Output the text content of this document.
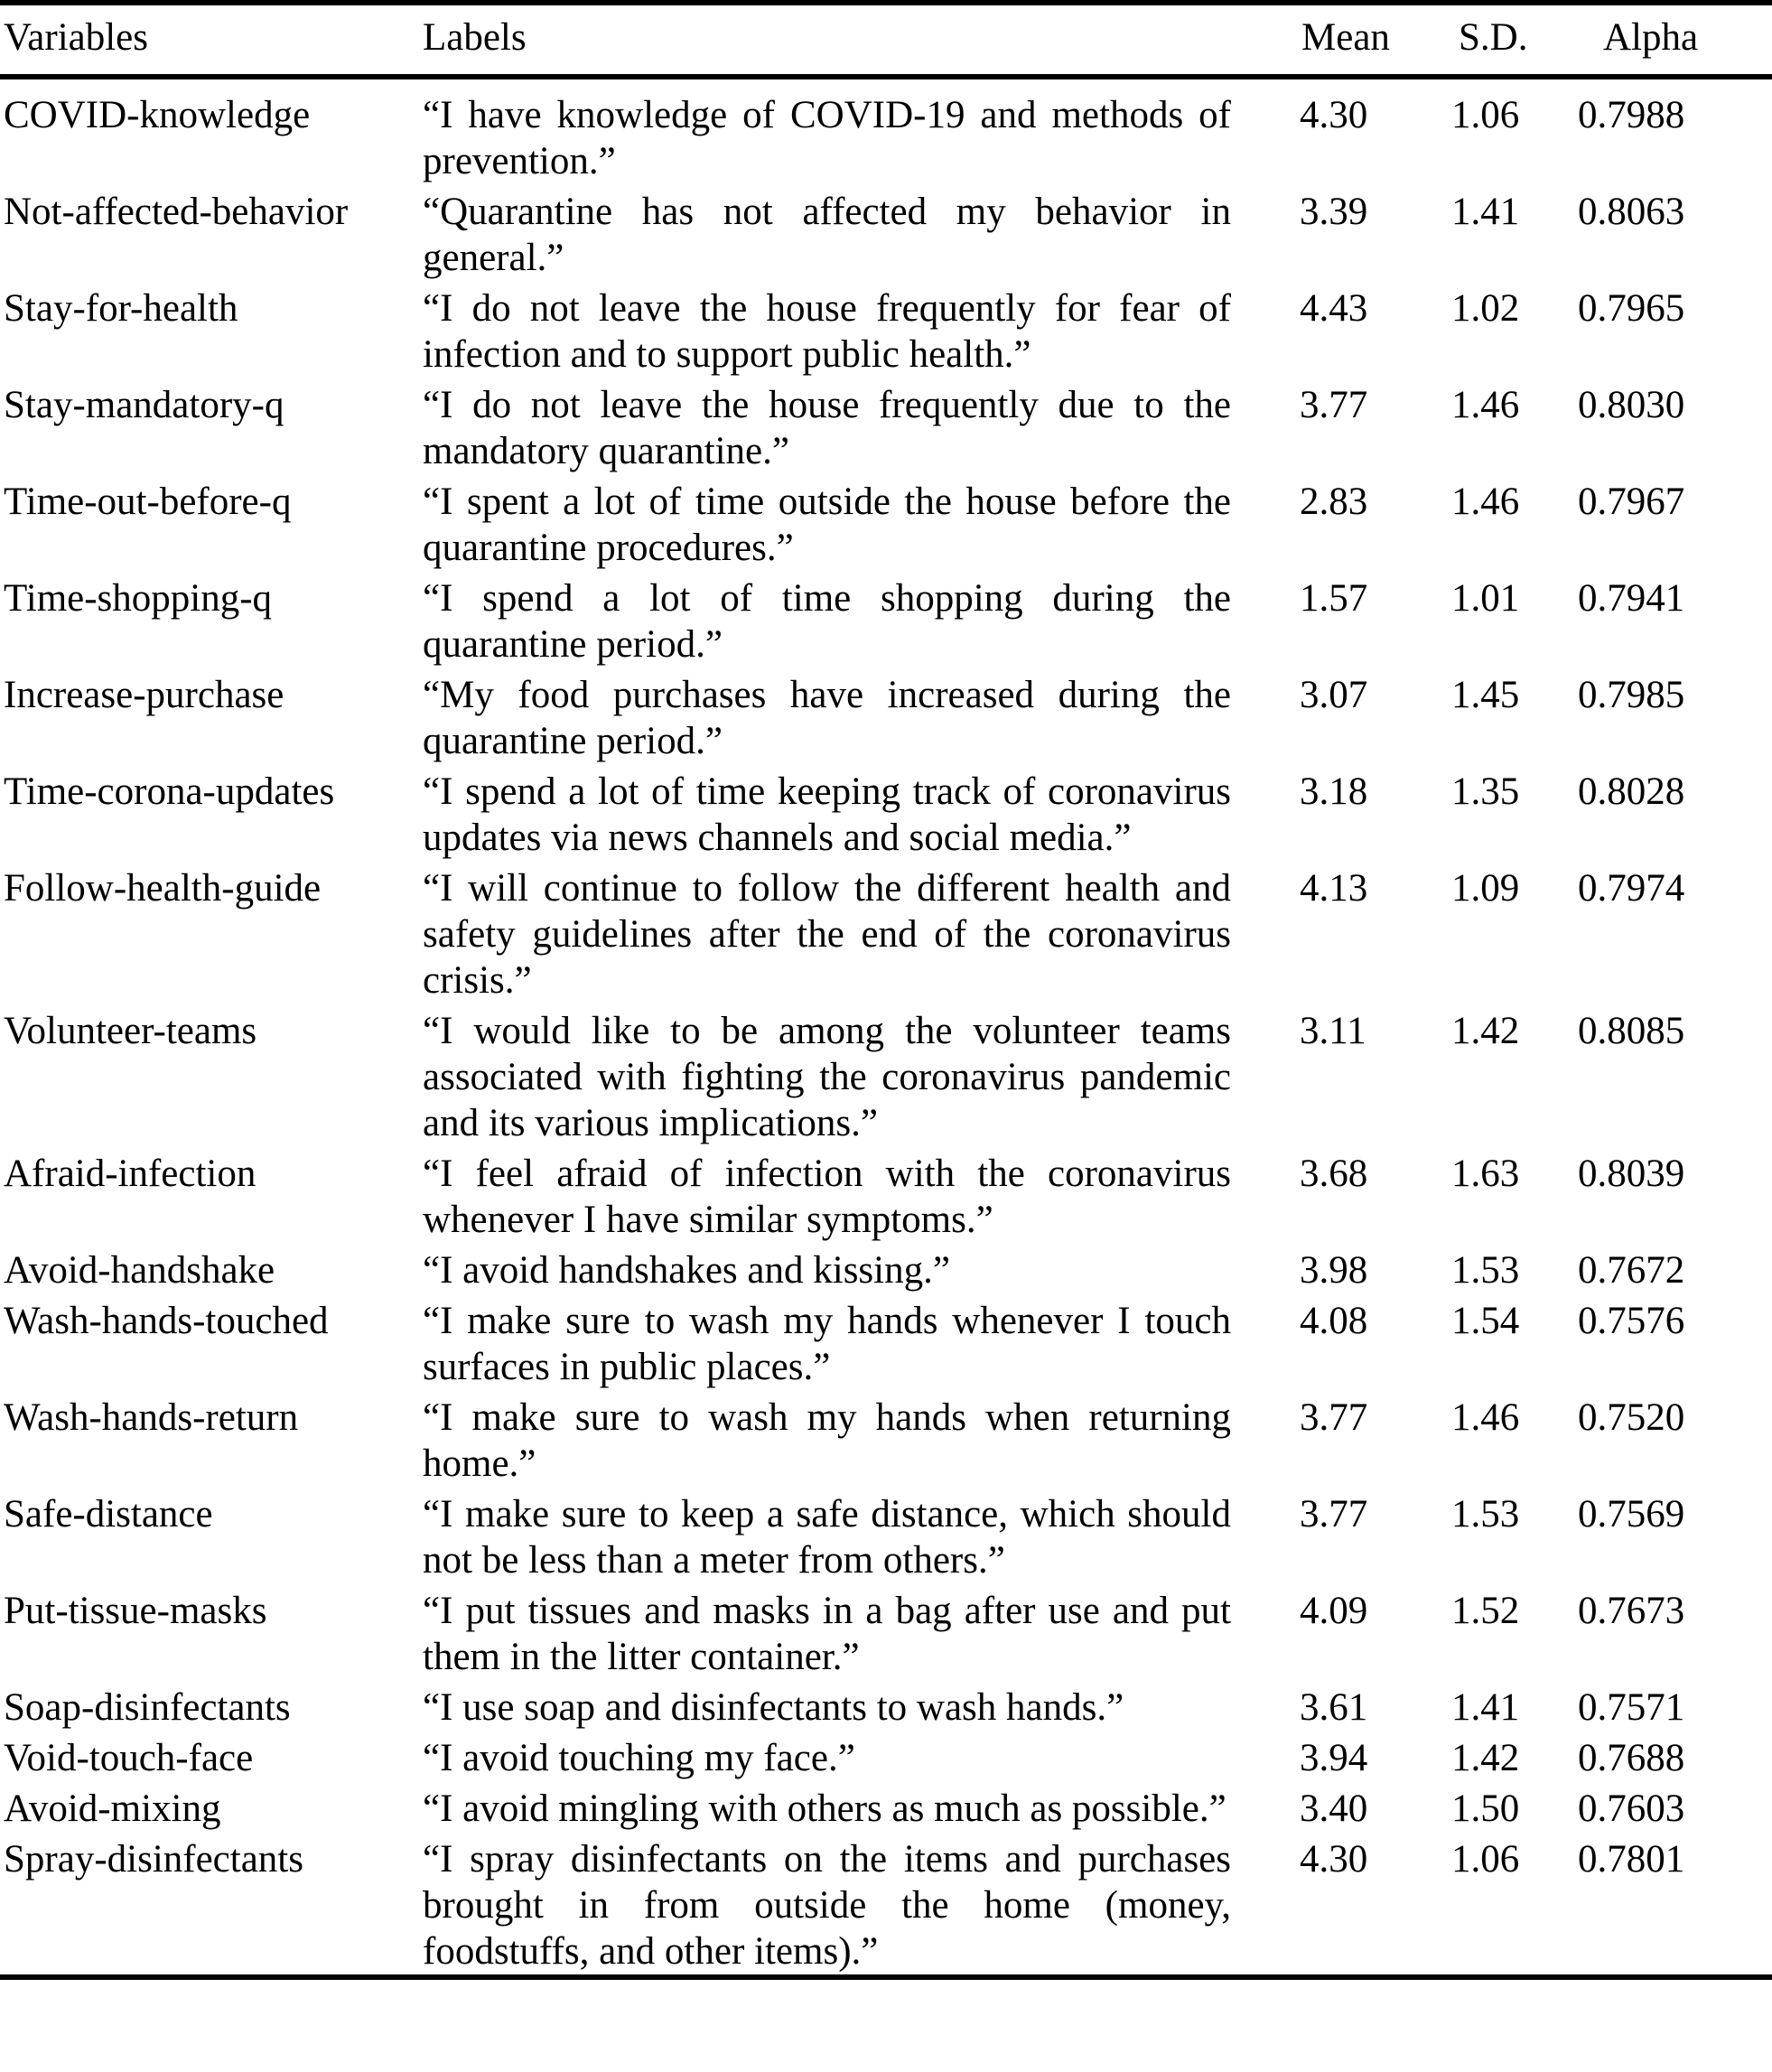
Variables	Labels	Mean	S.D.	Alpha
COVID-knowledge	“I have knowledge of COVID-19 and methods of prevention.”	4.30	1.06	0.7988
Not-affected-behavior	“Quarantine has not affected my behavior in general.”	3.39	1.41	0.8063
Stay-for-health	“I do not leave the house frequently for fear of infection and to support public health.”	4.43	1.02	0.7965
Stay-mandatory-q	“I do not leave the house frequently due to the mandatory quarantine.”	3.77	1.46	0.8030
Time-out-before-q	“I spent a lot of time outside the house before the quarantine procedures.”	2.83	1.46	0.7967
Time-shopping-q	“I spend a lot of time shopping during the quarantine period.”	1.57	1.01	0.7941
Increase-purchase	“My food purchases have increased during the quarantine period.”	3.07	1.45	0.7985
Time-corona-updates	“I spend a lot of time keeping track of coronavirus updates via news channels and social media.”	3.18	1.35	0.8028
Follow-health-guide	“I will continue to follow the different health and safety guidelines after the end of the coronavirus crisis.”	4.13	1.09	0.7974
Volunteer-teams	“I would like to be among the volunteer teams associated with fighting the coronavirus pandemic and its various implications.”	3.11	1.42	0.8085
Afraid-infection	“I feel afraid of infection with the coronavirus whenever I have similar symptoms.”	3.68	1.63	0.8039
Avoid-handshake	“I avoid handshakes and kissing.”	3.98	1.53	0.7672
Wash-hands-touched	“I make sure to wash my hands whenever I touch surfaces in public places.”	4.08	1.54	0.7576
Wash-hands-return	“I make sure to wash my hands when returning home.”	3.77	1.46	0.7520
Safe-distance	“I make sure to keep a safe distance, which should not be less than a meter from others.”	3.77	1.53	0.7569
Put-tissue-masks	“I put tissues and masks in a bag after use and put them in the litter container.”	4.09	1.52	0.7673
Soap-disinfectants	“I use soap and disinfectants to wash hands.”	3.61	1.41	0.7571
Void-touch-face	“I avoid touching my face.”	3.94	1.42	0.7688
Avoid-mixing	“I avoid mingling with others as much as possible.”	3.40	1.50	0.7603
Spray-disinfectants	“I spray disinfectants on the items and purchases brought in from outside the home (money, foodstuffs, and other items).”	4.30	1.06	0.7801
